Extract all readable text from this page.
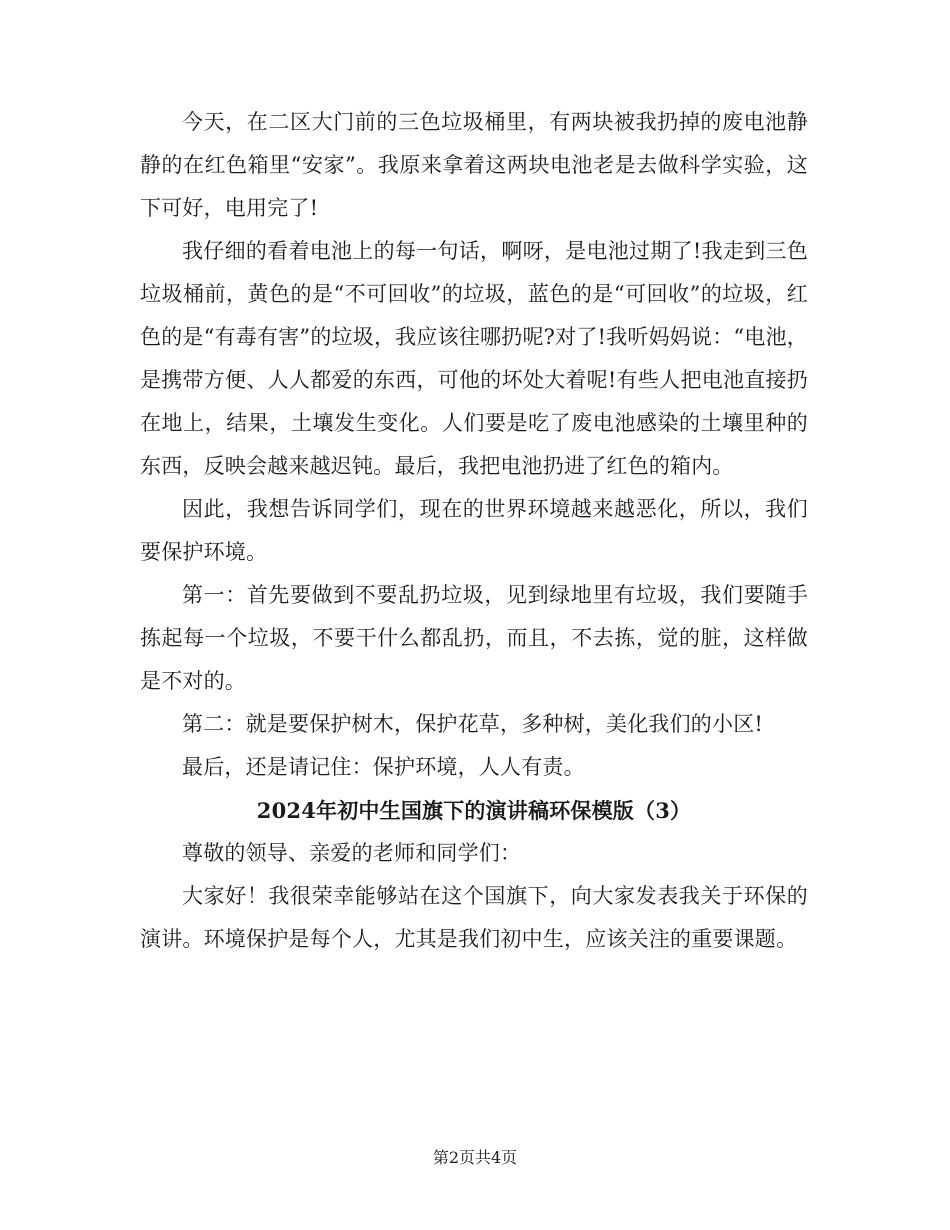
今天，在二区大门前的三色垃圾桶里，有两块被我扔掉的废电池静静的在红色箱里“安家”。我原来拿着这两块电池老是去做科学实验，这下可好，电用完了!

我仔细的看着电池上的每一句话，啊呀，是电池过期了!我走到三色垃圾桶前，黄色的是“不可回收”的垃圾，蓝色的是“可回收”的垃圾，红色的是“有毒有害”的垃圾，我应该往哪扔呢?对了!我听妈妈说：“电池，是携带方便、人人都爱的东西，可他的坏处大着呢!有些人把电池直接扔在地上，结果，土壤发生变化。人们要是吃了废电池感染的土壤里种的东西，反映会越来越迟钝。最后，我把电池扔进了红色的箱内。

因此，我想告诉同学们，现在的世界环境越来越恶化，所以，我们要保护环境。

第一：首先要做到不要乱扔垃圾，见到绿地里有垃圾，我们要随手拣起每一个垃圾，不要干什么都乱扔，而且，不去拣，觉的脏，这样做是不对的。

第二：就是要保护树木，保护花草，多种树，美化我们的小区!

最后，还是请记住：保护环境，人人有责。

2024年初中生国旗下的演讲稿环保模版（3）

尊敬的领导、亲爱的老师和同学们：

大家好！我很荣幸能够站在这个国旗下，向大家发表我关于环保的演讲。环境保护是每个人，尤其是我们初中生，应该关注的重要课题。

第2页共4页
